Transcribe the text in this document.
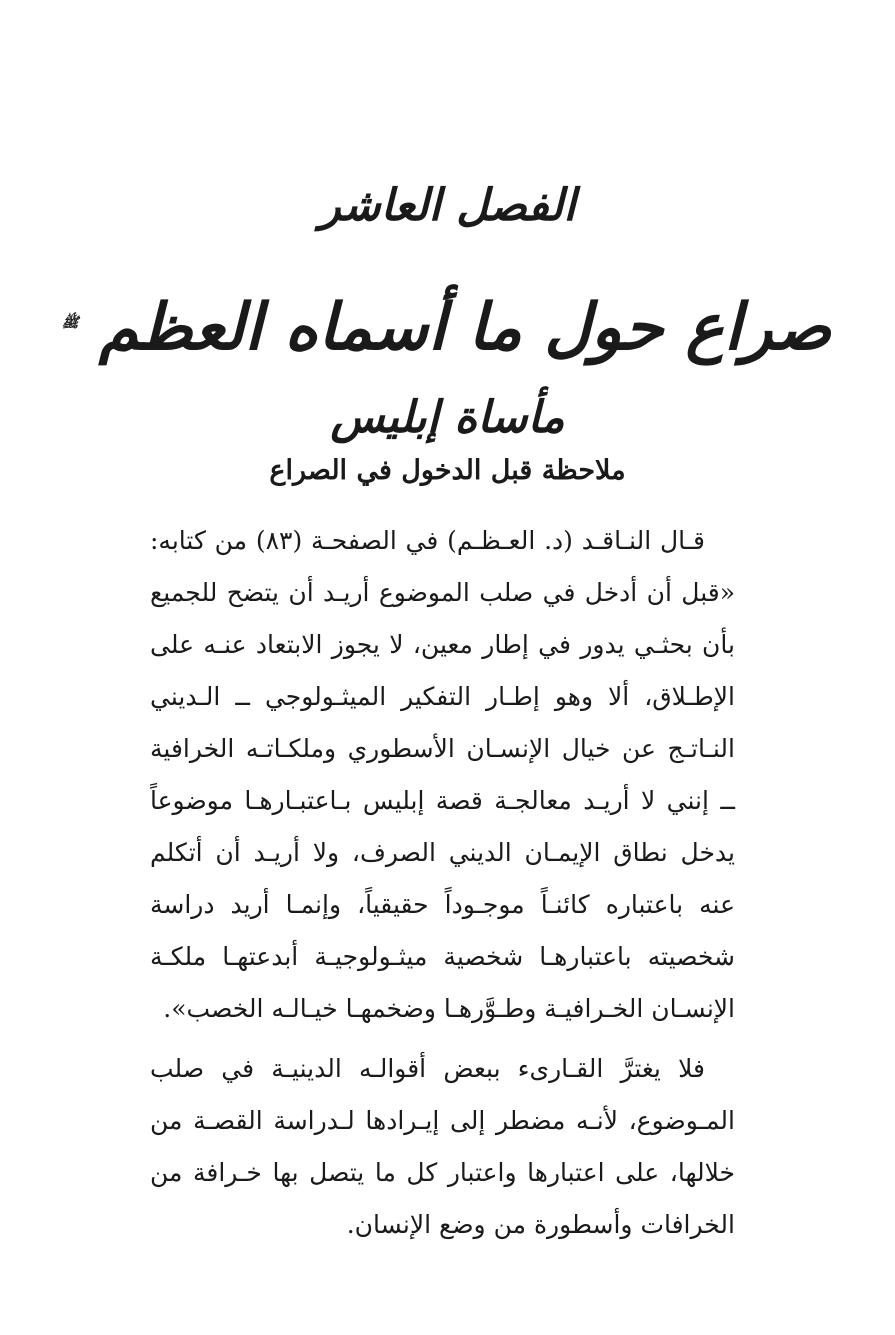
الفصل العاشر
صراع حول ما أسماه العظم $^ﷺ$
مأساة إبليس
ملاحظة قبل الدخول في الصراع

قـال النـاقـد (د. العـظـم) في الصفحـة (٨٣) من كتابه: «قبل أن أدخل في صلب الموضوع أريـد أن يتضح للجميع بأن بحثـي يدور في إطار معين، لا يجوز الابتعاد عنـه على الإطـلاق، ألا وهو إطـار التفكير الميثـولوجي ــ الـديني النـاتـج عن خيال الإنسـان الأسطوري وملكـاتـه الخرافية ــ إنني لا أريـد معالجـة قصة إبليس بـاعتبـارهـا موضوعاً يدخل نطاق الإيمـان الديني الصرف، ولا أريـد أن أتكلم عنه باعتباره كائنـاً موجـوداً حقيقياً، وإنمـا أريد دراسة شخصيته باعتبارهـا شخصية ميثـولوجيـة أبدعتهـا ملكـة الإنسـان الخـرافيـة وطـوَّرهـا وضخمهـا خيـالـه الخصب».

فلا يغترَّ القـارىء ببعض أقوالـه الدينيـة في صلب المـوضوع، لأنـه مضطر إلى إيـرادها لـدراسة القصـة من خلالها، على اعتبارها واعتبار كل ما يتصل بها خـرافة من الخرافات وأسطورة من وضع الإنسان.
